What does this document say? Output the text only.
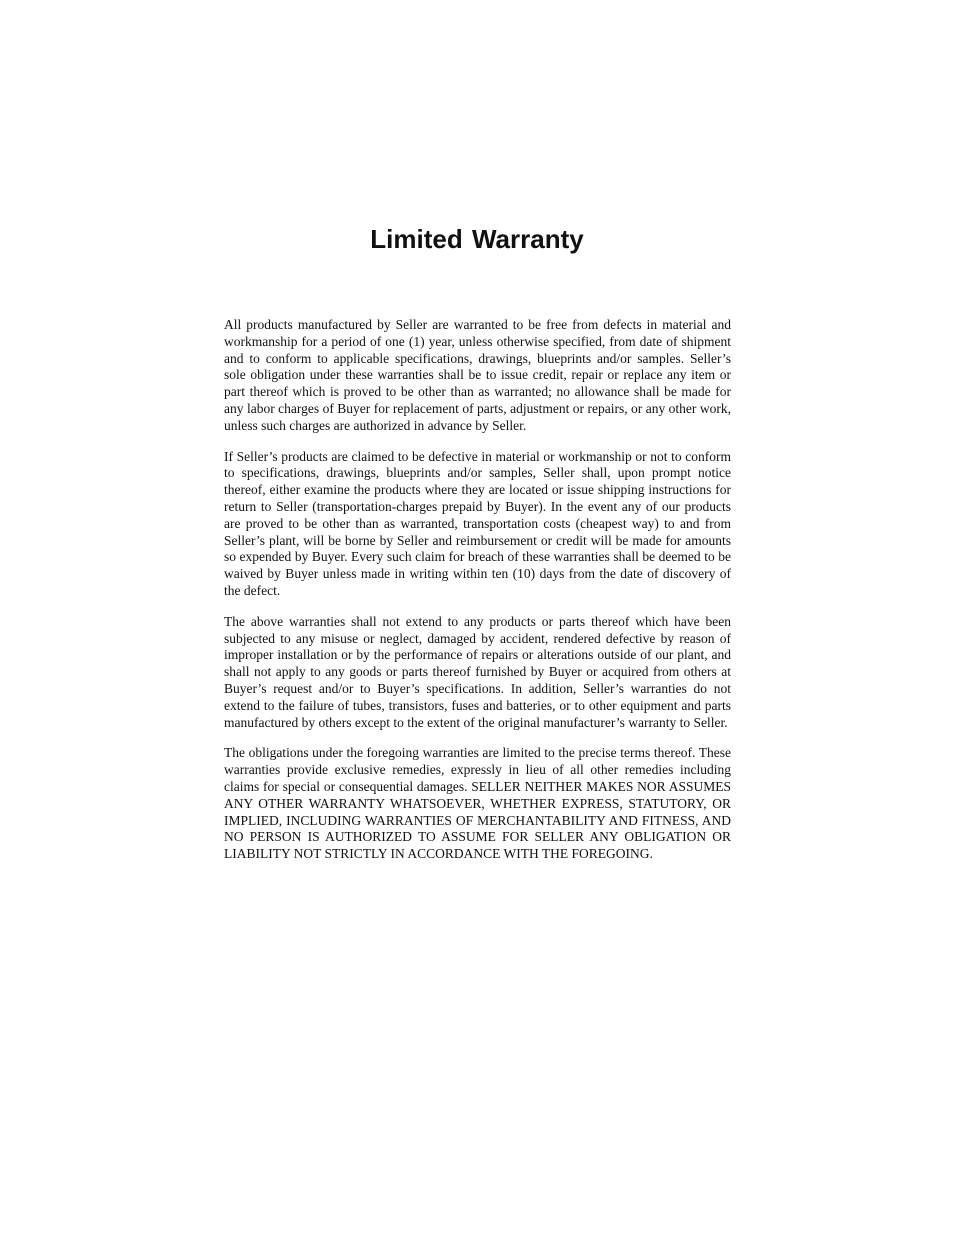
Limited Warranty

All products manufactured by Seller are warranted to be free from defects in material and workmanship for a period of one (1) year, unless otherwise specified, from date of shipment and to conform to applicable specifications, drawings, blueprints and/or samples. Seller’s sole obligation under these warranties shall be to issue credit, repair or replace any item or part thereof which is proved to be other than as warranted; no allowance shall be made for any labor charges of Buyer for replacement of parts, adjustment or repairs, or any other work, unless such charges are authorized in advance by Seller.

If Seller’s products are claimed to be defective in material or workmanship or not to conform to specifications, drawings, blueprints and/or samples, Seller shall, upon prompt notice thereof, either examine the products where they are located or issue shipping instructions for return to Seller (transportation-charges prepaid by Buyer). In the event any of our products are proved to be other than as warranted, transportation costs (cheapest way) to and from Seller’s plant, will be borne by Seller and reimbursement or credit will be made for amounts so expended by Buyer. Every such claim for breach of these warranties shall be deemed to be waived by Buyer unless made in writing within ten (10) days from the date of discovery of the defect.

The above warranties shall not extend to any products or parts thereof which have been subjected to any misuse or neglect, damaged by accident, rendered defective by reason of improper installation or by the performance of repairs or alterations outside of our plant, and shall not apply to any goods or parts thereof furnished by Buyer or acquired from others at Buyer’s request and/or to Buyer’s specifications. In addition, Seller’s warranties do not extend to the failure of tubes, transistors, fuses and batteries, or to other equipment and parts manufactured by others except to the extent of the original manufacturer’s warranty to Seller.

The obligations under the foregoing warranties are limited to the precise terms thereof. These warranties provide exclusive remedies, expressly in lieu of all other remedies including claims for special or consequential damages. SELLER NEITHER MAKES NOR ASSUMES ANY OTHER WARRANTY WHATSOEVER, WHETHER EXPRESS, STATUTORY, OR IMPLIED, INCLUDING WARRANTIES OF MERCHANTABILITY AND FITNESS, AND NO PERSON IS AUTHORIZED TO ASSUME FOR SELLER ANY OBLIGATION OR LIABILITY NOT STRICTLY IN ACCORDANCE WITH THE FOREGOING.
